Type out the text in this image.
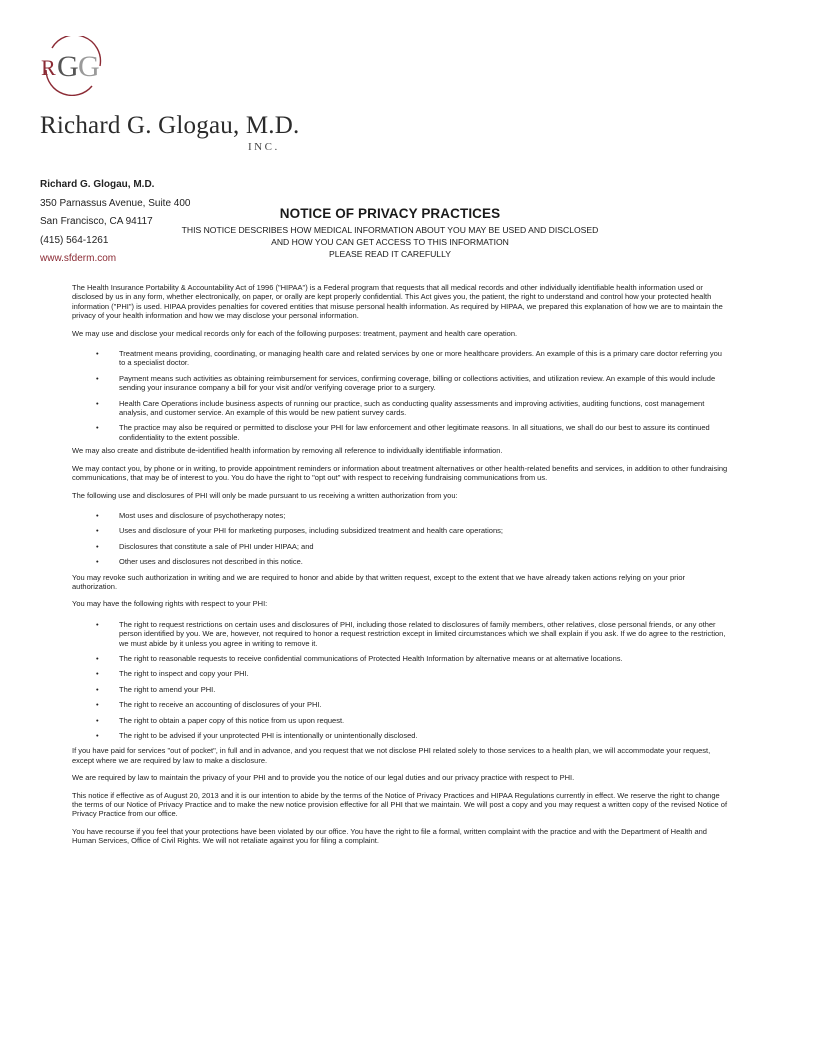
R G G
Richard G. Glogau, M.D.
INC.
Richard G. Glogau, M.D.
350 Parnassus Avenue, Suite 400
San Francisco, CA 94117
(415) 564-1261
www.sfderm.com
NOTICE OF PRIVACY PRACTICES
THIS NOTICE DESCRIBES HOW MEDICAL INFORMATION ABOUT YOU MAY BE USED AND DISCLOSED
AND HOW YOU CAN GET ACCESS TO THIS INFORMATION
PLEASE READ IT CAREFULLY

The Health Insurance Portability & Accountability Act of 1996 ("HIPAA") is a Federal program that requests that all medical records and other individually identifiable health information used or disclosed by us in any form, whether electronically, on paper, or orally are kept properly confidential. This Act gives you, the patient, the right to understand and control how your protected health information ("PHI") is used. HIPAA provides penalties for covered entities that misuse personal health information. As required by HIPAA, we prepared this explanation of how we are to maintain the privacy of your health information and how we may disclose your personal information.

We may use and disclose your medical records only for each of the following purposes: treatment, payment and health care operation.

• Treatment means providing, coordinating, or managing health care and related services by one or more healthcare providers. An example of this is a primary care doctor referring you to a specialist doctor.
• Payment means such activities as obtaining reimbursement for services, confirming coverage, billing or collections activities, and utilization review. An example of this would include sending your insurance company a bill for your visit and/or verifying coverage prior to a surgery.
• Health Care Operations include business aspects of running our practice, such as conducting quality assessments and improving activities, auditing functions, cost management analysis, and customer service. An example of this would be new patient survey cards.
• The practice may also be required or permitted to disclose your PHI for law enforcement and other legitimate reasons. In all situations, we shall do our best to assure its continued confidentiality to the extent possible.

We may also create and distribute de-identified health information by removing all reference to individually identifiable information.

We may contact you, by phone or in writing, to provide appointment reminders or information about treatment alternatives or other health-related benefits and services, in addition to other fundraising communications, that may be of interest to you. You do have the right to "opt out" with respect to receiving fundraising communications from us.

The following use and disclosures of PHI will only be made pursuant to us receiving a written authorization from you:

• Most uses and disclosure of psychotherapy notes;
• Uses and disclosure of your PHI for marketing purposes, including subsidized treatment and health care operations;
• Disclosures that constitute a sale of PHI under HIPAA; and
• Other uses and disclosures not described in this notice.

You may revoke such authorization in writing and we are required to honor and abide by that written request, except to the extent that we have already taken actions relying on your prior authorization.

You may have the following rights with respect to your PHI:

• The right to request restrictions on certain uses and disclosures of PHI, including those related to disclosures of family members, other relatives, close personal friends, or any other person identified by you. We are, however, not required to honor a request restriction except in limited circumstances which we shall explain if you ask. If we do agree to the restriction, we must abide by it unless you agree in writing to remove it.
• The right to reasonable requests to receive confidential communications of Protected Health Information by alternative means or at alternative locations.
• The right to inspect and copy your PHI.
• The right to amend your PHI.
• The right to receive an accounting of disclosures of your PHI.
• The right to obtain a paper copy of this notice from us upon request.
• The right to be advised if your unprotected PHI is intentionally or unintentionally disclosed.

If you have paid for services "out of pocket", in full and in advance, and you request that we not disclose PHI related solely to those services to a health plan, we will accommodate your request, except where we are required by law to make a disclosure.

We are required by law to maintain the privacy of your PHI and to provide you the notice of our legal duties and our privacy practice with respect to PHI.

This notice if effective as of August 20, 2013 and it is our intention to abide by the terms of the Notice of Privacy Practices and HIPAA Regulations currently in effect. We reserve the right to change the terms of our Notice of Privacy Practice and to make the new notice provision effective for all PHI that we maintain. We will post a copy and you may request a written copy of the revised Notice of Privacy Practice from our office.

You have recourse if you feel that your protections have been violated by our office. You have the right to file a formal, written complaint with the practice and with the Department of Health and Human Services, Office of Civil Rights. We will not retaliate against you for filing a complaint.
